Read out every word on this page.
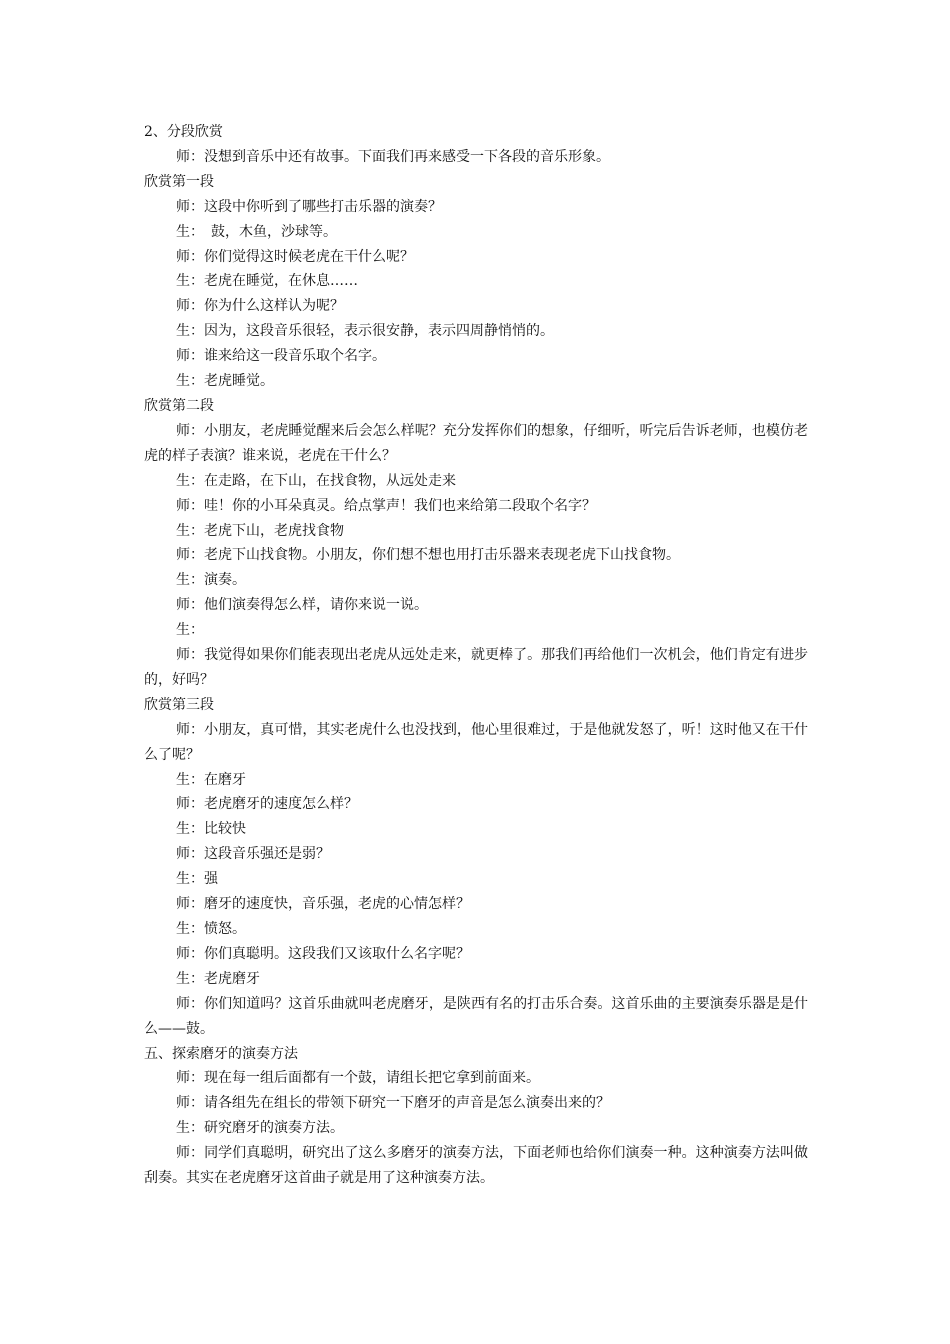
2、分段欣赏

师：没想到音乐中还有故事。下面我们再来感受一下各段的音乐形象。

欣赏第一段

师：这段中你听到了哪些打击乐器的演奏？

生：　鼓，木鱼，沙球等。

师：你们觉得这时候老虎在干什么呢？

生：老虎在睡觉，在休息……

师：你为什么这样认为呢？

生：因为，这段音乐很轻，表示很安静，表示四周静悄悄的。

师：谁来给这一段音乐取个名字。

生：老虎睡觉。

欣赏第二段

师：小朋友，老虎睡觉醒来后会怎么样呢？充分发挥你们的想象，仔细听，听完后告诉老师，也模仿老虎的样子表演？谁来说，老虎在干什么？

生：在走路，在下山，在找食物，从远处走来

师：哇！你的小耳朵真灵。给点掌声！我们也来给第二段取个名字？

生：老虎下山，老虎找食物

师：老虎下山找食物。小朋友，你们想不想也用打击乐器来表现老虎下山找食物。

生：演奏。

师：他们演奏得怎么样，请你来说一说。

生：

师：我觉得如果你们能表现出老虎从远处走来，就更棒了。那我们再给他们一次机会，他们肯定有进步的，好吗？

欣赏第三段

师：小朋友，真可惜，其实老虎什么也没找到，他心里很难过，于是他就发怒了，听！这时他又在干什么了呢？

生：在磨牙

师：老虎磨牙的速度怎么样？

生：比较快

师：这段音乐强还是弱？

生：强

师：磨牙的速度快，音乐强，老虎的心情怎样？

生：愤怒。

师：你们真聪明。这段我们又该取什么名字呢？

生：老虎磨牙

师：你们知道吗？这首乐曲就叫老虎磨牙，是陕西有名的打击乐合奏。这首乐曲的主要演奏乐器是是什么——鼓。

五、探索磨牙的演奏方法

师：现在每一组后面都有一个鼓，请组长把它拿到前面来。

师：请各组先在组长的带领下研究一下磨牙的声音是怎么演奏出来的？

生：研究磨牙的演奏方法。

师：同学们真聪明，研究出了这么多磨牙的演奏方法，下面老师也给你们演奏一种。这种演奏方法叫做刮奏。其实在老虎磨牙这首曲子就是用了这种演奏方法。
